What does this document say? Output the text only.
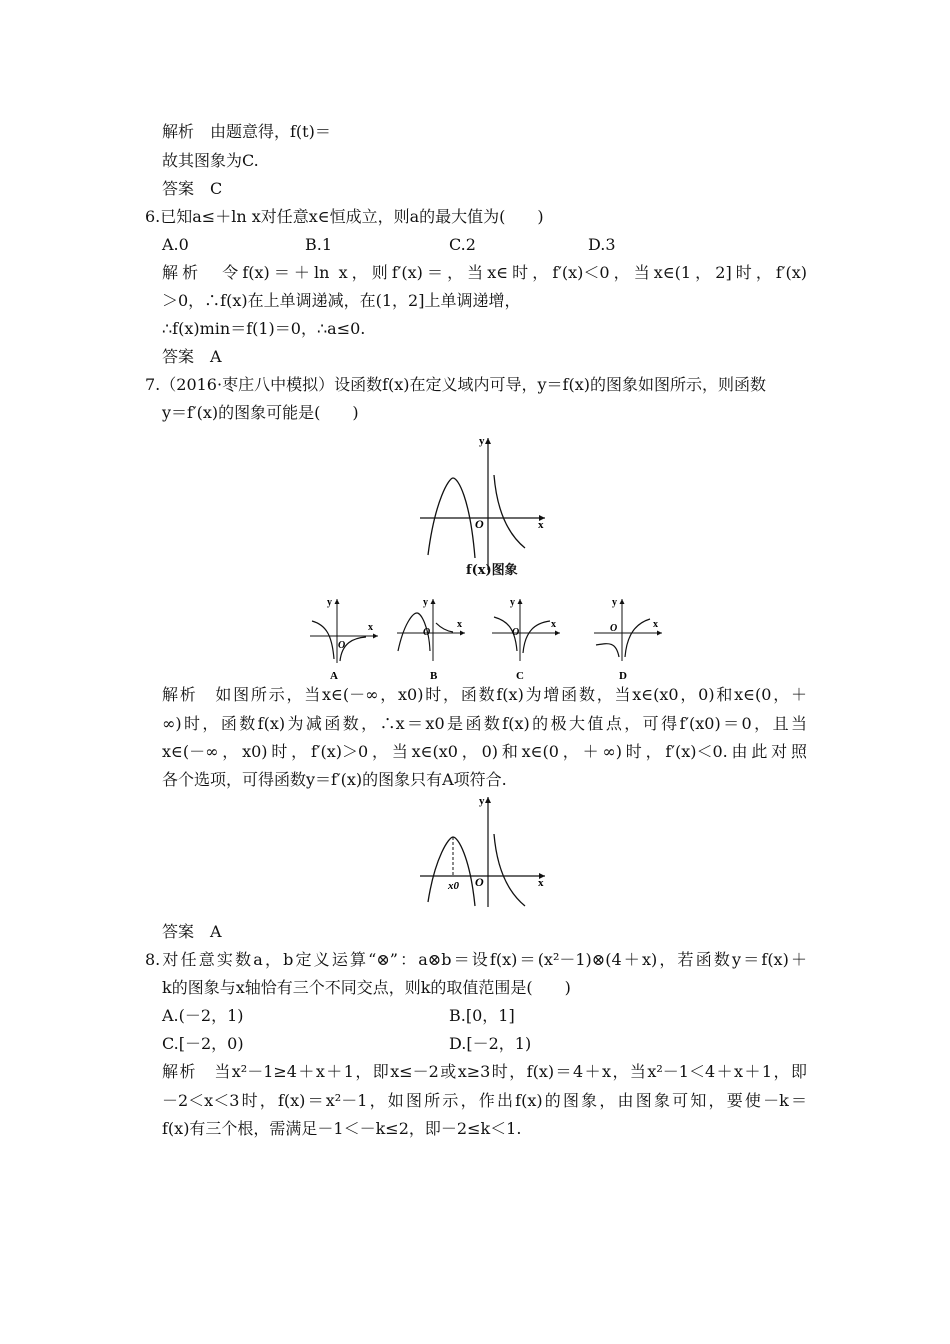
解析　由题意得，f(t)＝
故其图象为C.
答案　C
6.已知a≤＋ln x对任意x∈恒成立，则a的最大值为(　　)
A.0	B.1	C.2	D.3
解析　令f(x)＝＋ln x，则f′(x)＝，当x∈时，f′(x)＜0，当x∈(1，2]时，f′(x)
＞0，∴f(x)在上单调递减，在(1，2]上单调递增，
∴f(x)min＝f(1)＝0，∴a≤0.
答案　A
7.（2016·枣庄八中模拟）设函数f(x)在定义域内可导，y＝f(x)的图象如图所示，则函数
y＝f′(x)的图象可能是(　　)
y
x
O
f(x)图象
y
x
O
A
y
x
O
B
y
x
O
C
y
x
O
D
解析　如图所示，当x∈(－∞，x0)时，函数f(x)为增函数，当x∈(x0，0)和x∈(0，＋
∞)时，函数f(x)为减函数，∴x＝x0是函数f(x)的极大值点，可得f′(x0)＝0，且当
x∈(－∞，x0)时，f′(x)＞0，当x∈(x0，0)和x∈(0，＋∞)时，f′(x)＜0.由此对照
各个选项，可得函数y＝f′(x)的图象只有A项符合.
y
x
O
x0
答案　A
8.对任意实数a，b定义运算“⊗”：a⊗b＝设f(x)＝(x²－1)⊗(4＋x)，若函数y＝f(x)＋
k的图象与x轴恰有三个不同交点，则k的取值范围是(　　)
A.(－2，1)	B.[0，1]
C.[－2，0)	D.[－2，1)
解析　当x²－1≥4＋x＋1，即x≤－2或x≥3时，f(x)＝4＋x，当x²－1＜4＋x＋1，即
－2＜x＜3时，f(x)＝x²－1，如图所示，作出f(x)的图象，由图象可知，要使－k＝
f(x)有三个根，需满足－1＜－k≤2，即－2≤k＜1.
